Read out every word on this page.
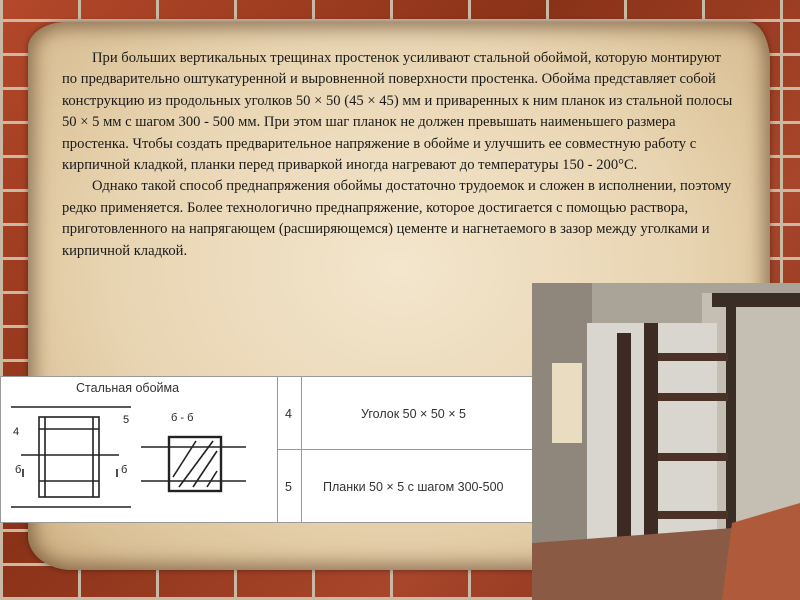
При больших вертикальных трещинах простенок усиливают стальной обоймой, которую монтируют по предварительно оштукатуренной и выровненной поверхности простенка. Обойма представляет собой конструкцию из продольных уголков 50 × 50 (45 × 45) мм и приваренных к ним планок из стальной полосы 50 × 5 мм с шагом 300 - 500 мм. При этом шаг планок не должен превышать наименьшего размера простенка. Чтобы создать предварительное напряжение в обойме и улучшить ее совместную работу с кирпичной кладкой, планки перед приваркой иногда нагревают до температуры 150 - 200°С.

Однако такой способ преднапряжения обоймы достаточно трудоемок и сложен в исполнении, поэтому редко применяется. Более технологично преднапряжение, которое достигается с помощью раствора, приготовленного на напрягающем (расширяющемся) цементе и нагнетаемого в зазор между уголками и кирпичной кладкой.

Стальная обойма
4
5
б	б
б - б	4	Уголок 50 × 50 × 5
5 Планки 50 × 5 с шагом 300-500
